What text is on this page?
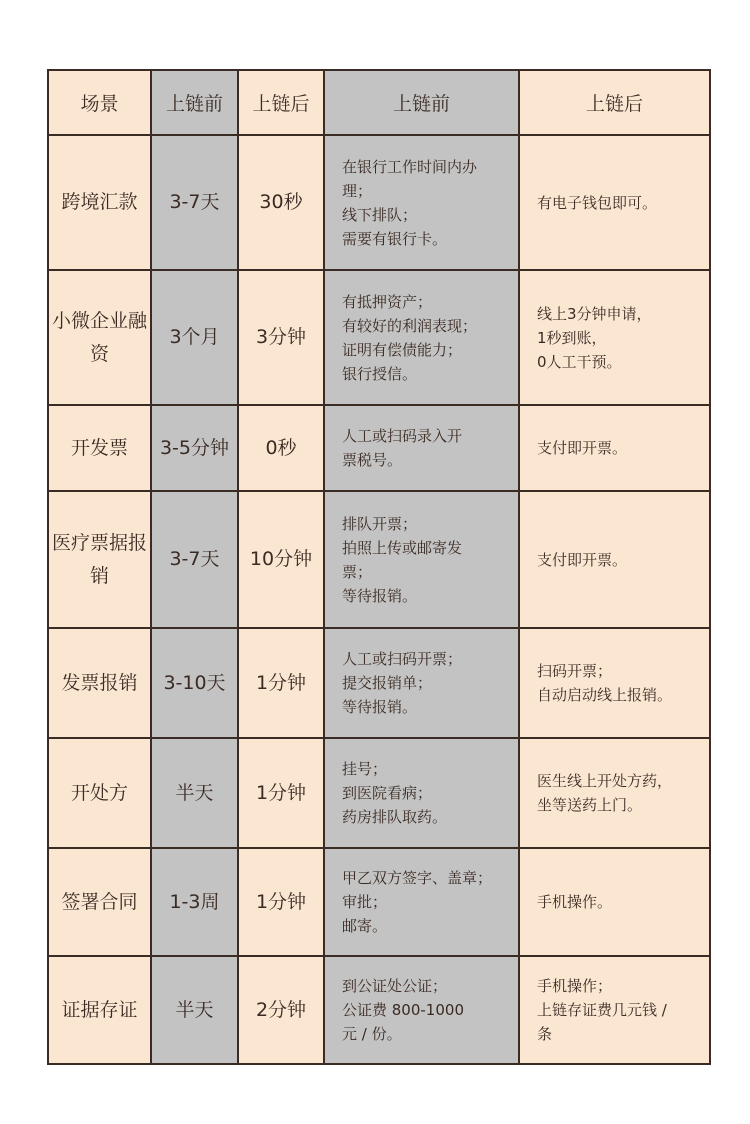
场景	上链前	上链后	上链前	上链后
跨境汇款	3-7天	30秒	在银行工作时间内办
理；
线下排队；
需要有银行卡。	有电子钱包即可。

小微企业融资	3个月	3分钟	有抵押资产；
有较好的利润表现；
证明有偿债能力；
银行授信。	线上3分钟申请，
1秒到账，
0人工干预。

开发票	3-5分钟	0秒	人工或扫码录入开
票税号。	支付即开票。

医疗票据报销	3-7天	10分钟	排队开票；
拍照上传或邮寄发
票；
等待报销。	支付即开票。

发票报销	3-10天	1分钟	人工或扫码开票；
提交报销单；
等待报销。	扫码开票；
自动启动线上报销。

开处方	半天	1分钟	挂号；
到医院看病；
药房排队取药。	医生线上开处方药，
坐等送药上门。

签署合同	1-3周	1分钟	甲乙双方签字、盖章；
审批；
邮寄。	手机操作。

证据存证	半天	2分钟	到公证处公证；
公证费 800-1000
元 / 份。	手机操作；
上链存证费几元钱 /
条
